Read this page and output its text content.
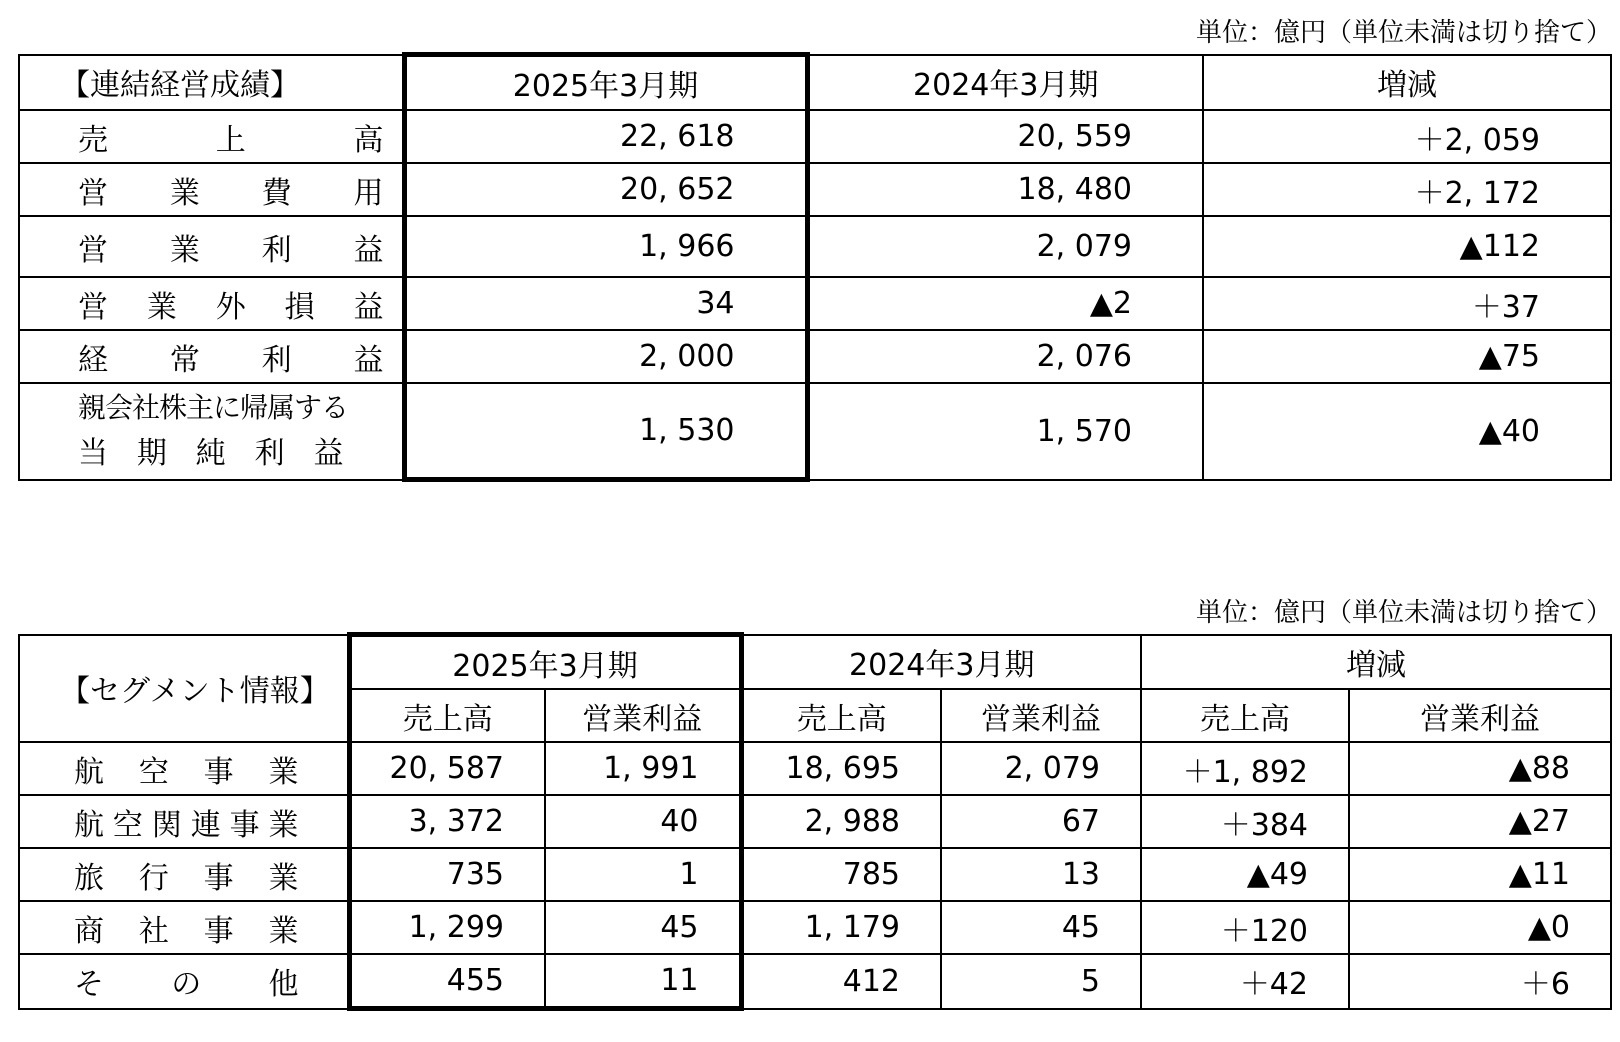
単位：億円（単位未満は切り捨て）
【連結経営成績】	2025年3月期	2024年3月期	増減
売上高	22, 618	20, 559	＋2, 059
営業費用	20, 652	18, 480	＋2, 172
営業利益	1, 966	2, 079	▲112
営業外損益	34	▲2	＋37
経常利益	2, 000	2, 076	▲75

親会社株主に帰属する
当期純利益	1, 530	1, 570	▲40
単位：億円（単位未満は切り捨て）
【セグメント情報】	2025年3月期		2024年3月期		増減	
	売上高	営業利益	売上高	営業利益	売上高	営業利益
航空事業	20, 587	1, 991	18, 695	2, 079	＋1, 892	▲88
航空関連事業	3, 372	40	2, 988	67	＋384	▲27
旅行事業	735	1	785	13	▲49	▲11
商社事業	1, 299	45	1, 179	45	＋120	▲0
その他	455	11	412	5	＋42	＋6
